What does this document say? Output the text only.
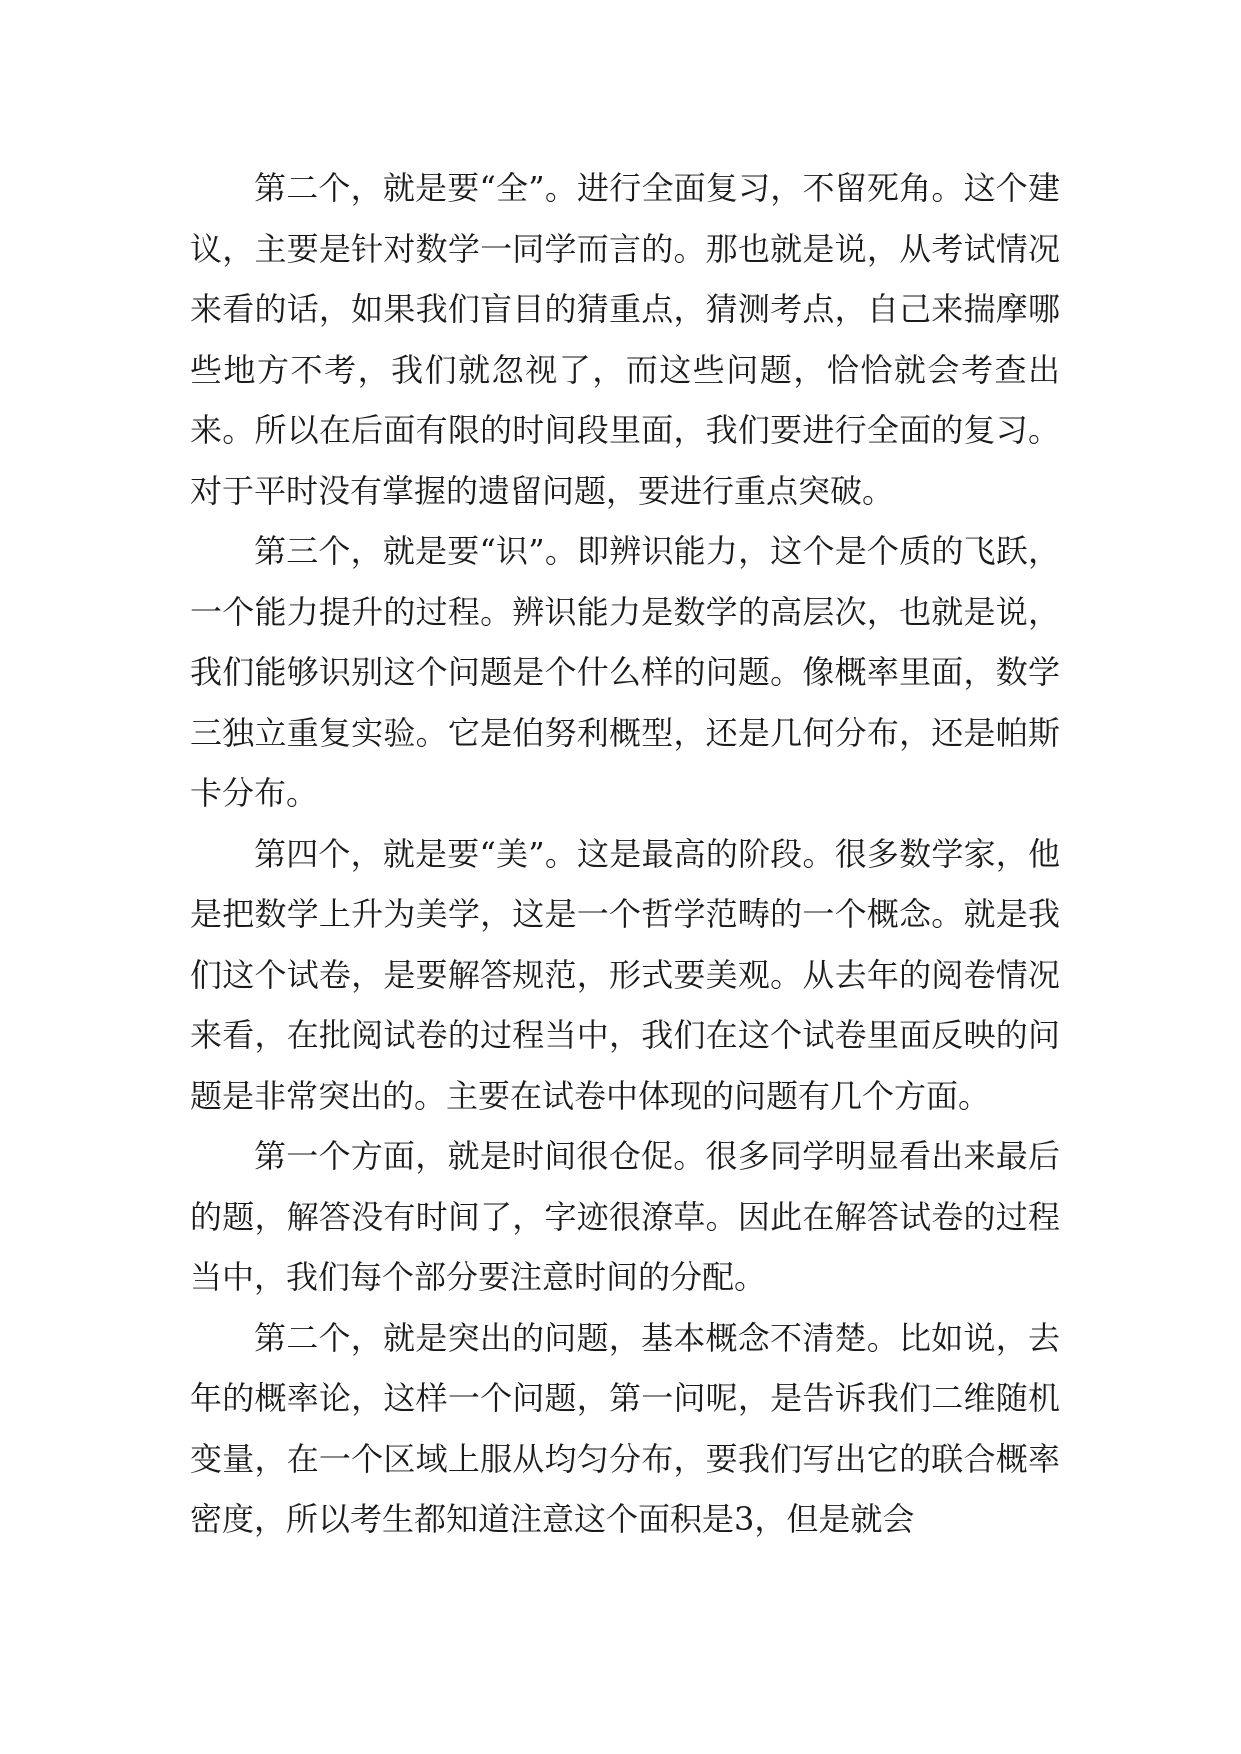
第二个，就是要“全”。进行全面复习，不留死角。这个建议，主要是针对数学一同学而言的。那也就是说，从考试情况来看的话，如果我们盲目的猜重点，猜测考点，自己来揣摩哪些地方不考，我们就忽视了，而这些问题，恰恰就会考查出来。所以在后面有限的时间段里面，我们要进行全面的复习。对于平时没有掌握的遗留问题，要进行重点突破。

第三个，就是要“识”。即辨识能力，这个是个质的飞跃，一个能力提升的过程。辨识能力是数学的高层次，也就是说，我们能够识别这个问题是个什么样的问题。像概率里面，数学三独立重复实验。它是伯努利概型，还是几何分布，还是帕斯卡分布。

第四个，就是要“美”。这是最高的阶段。很多数学家，他是把数学上升为美学，这是一个哲学范畴的一个概念。就是我们这个试卷，是要解答规范，形式要美观。从去年的阅卷情况来看，在批阅试卷的过程当中，我们在这个试卷里面反映的问题是非常突出的。主要在试卷中体现的问题有几个方面。

第一个方面，就是时间很仓促。很多同学明显看出来最后的题，解答没有时间了，字迹很潦草。因此在解答试卷的过程当中，我们每个部分要注意时间的分配。

第二个，就是突出的问题，基本概念不清楚。比如说，去年的概率论，这样一个问题，第一问呢，是告诉我们二维随机变量，在一个区域上服从均匀分布，要我们写出它的联合概率密度，所以考生都知道注意这个面积是3，但是就会
